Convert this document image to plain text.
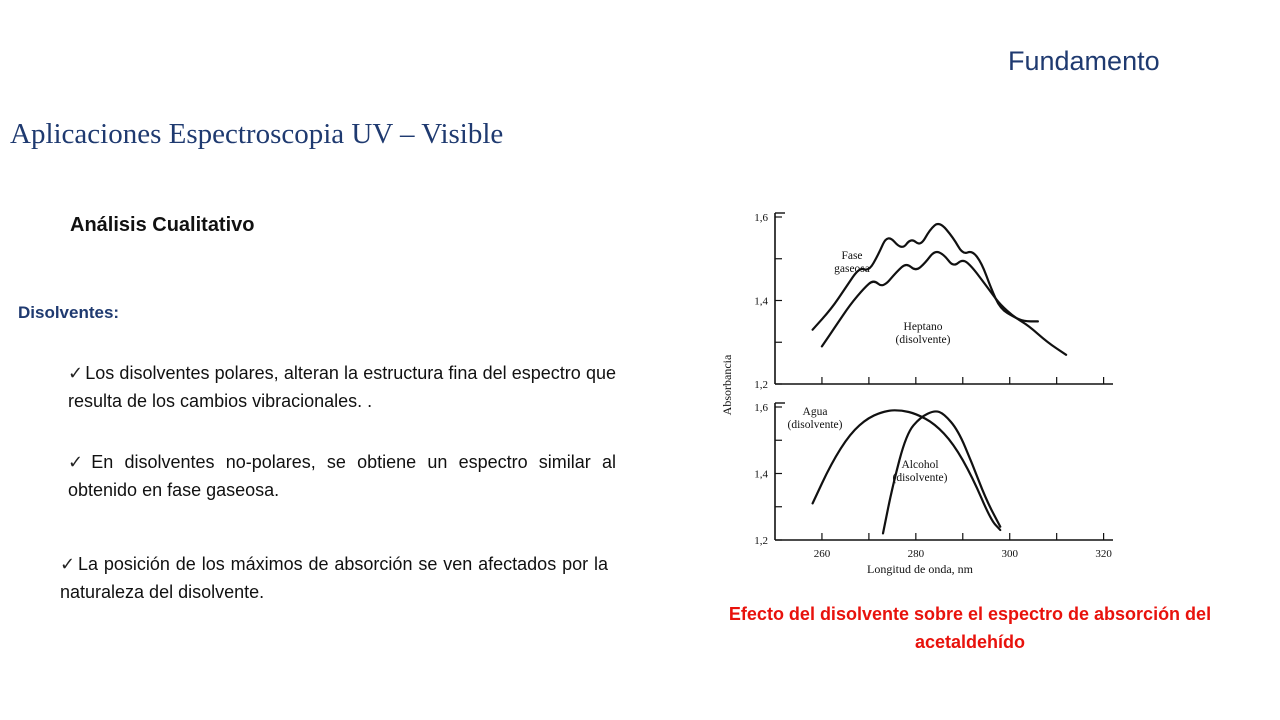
Fundamento
Aplicaciones Espectroscopia UV – Visible
Análisis Cualitativo
Disolventes:
✓ Los disolventes polares, alteran la estructura fina del espectro que resulta de los cambios vibracionales. .
✓ En disolventes no-polares, se obtiene un espectro similar al obtenido en fase gaseosa.
✓ La posición de los máximos de absorción se ven afectados por la naturaleza del disolvente.
Absorbancia 1,2
1,4
1,6
Fase gaseosa
Heptano (disolvente)
1,2
1,4
1,6
260	280	300	320
Agua (disolvente)
Alcohol (disolvente)
Longitud de onda, nm
Efecto del disolvente sobre el espectro de absorción del acetaldehído
